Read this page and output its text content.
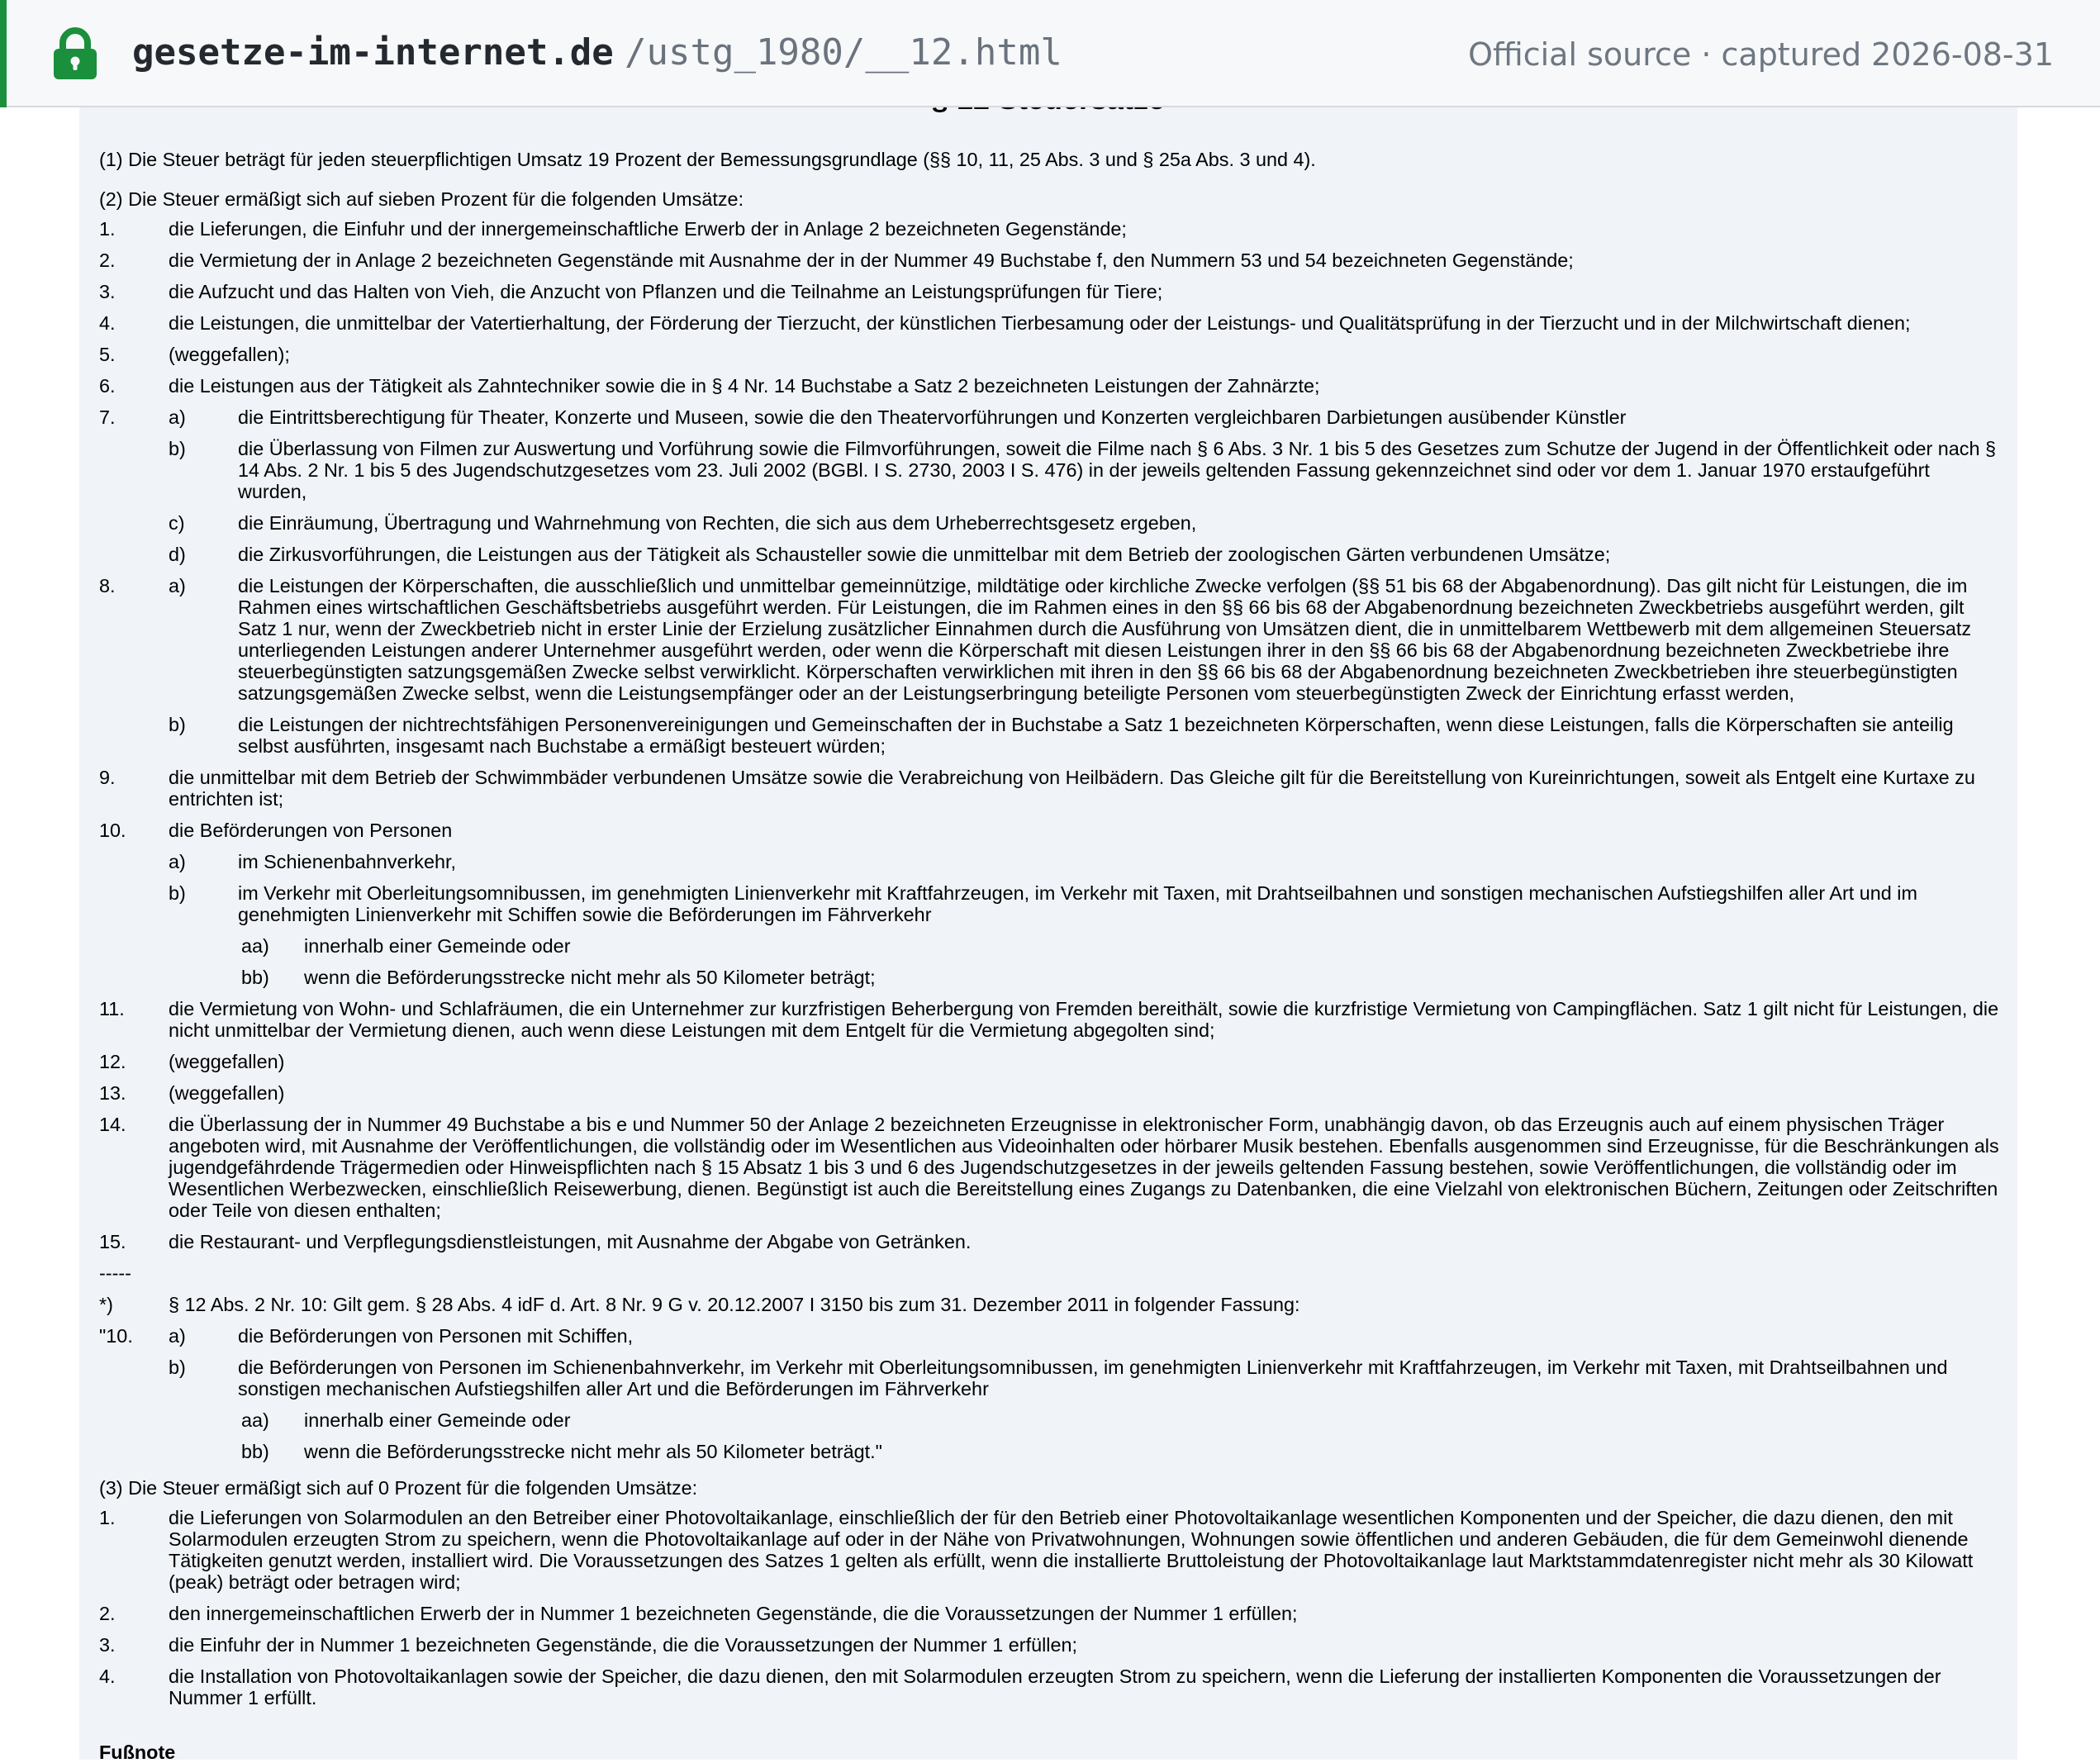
gesetze-im-internet.de /ustg_1980/__12.html	Official source · captured 2026-08-31
(1) Die Steuer beträgt für jeden steuerpflichtigen Umsatz 19 Prozent der Bemessungsgrundlage (§§ 10, 11, 25 Abs. 3 und § 25a Abs. 3 und 4).
(2) Die Steuer ermäßigt sich auf sieben Prozent für die folgenden Umsätze:
1.	die Lieferungen, die Einfuhr und der innergemeinschaftliche Erwerb der in Anlage 2 bezeichneten Gegenstände;
2.	die Vermietung der in Anlage 2 bezeichneten Gegenstände mit Ausnahme der in der Nummer 49 Buchstabe f, den Nummern 53 und 54 bezeichneten Gegenstände;
3.	die Aufzucht und das Halten von Vieh, die Anzucht von Pflanzen und die Teilnahme an Leistungsprüfungen für Tiere;
4.	die Leistungen, die unmittelbar der Vatertierhaltung, der Förderung der Tierzucht, der künstlichen Tierbesamung oder der Leistungs- und Qualitätsprüfung in der Tierzucht und in der Milchwirtschaft dienen;
5.	(weggefallen);
6.	die Leistungen aus der Tätigkeit als Zahntechniker sowie die in § 4 Nr. 14 Buchstabe a Satz 2 bezeichneten Leistungen der Zahnärzte;
7.	a)	die Eintrittsberechtigung für Theater, Konzerte und Museen, sowie die den Theatervorführungen und Konzerten vergleichbaren Darbietungen ausübender Künstler
b)	die Überlassung von Filmen zur Auswertung und Vorführung sowie die Filmvorführungen, soweit die Filme nach § 6 Abs. 3 Nr. 1 bis 5 des Gesetzes zum Schutze der Jugend in der Öffentlichkeit oder nach § 14 Abs. 2 Nr. 1 bis 5 des Jugendschutzgesetzes vom 23. Juli 2002 (BGBl. I S. 2730, 2003 I S. 476) in der jeweils geltenden Fassung gekennzeichnet sind oder vor dem 1. Januar 1970 erstaufgeführt wurden,
c)	die Einräumung, Übertragung und Wahrnehmung von Rechten, die sich aus dem Urheberrechtsgesetz ergeben,
d)	die Zirkusvorführungen, die Leistungen aus der Tätigkeit als Schausteller sowie die unmittelbar mit dem Betrieb der zoologischen Gärten verbundenen Umsätze;
8.	a)	die Leistungen der Körperschaften, die ausschließlich und unmittelbar gemeinnützige, mildtätige oder kirchliche Zwecke verfolgen (§§ 51 bis 68 der Abgabenordnung). Das gilt nicht für Leistungen, die im Rahmen eines wirtschaftlichen Geschäftsbetriebs ausgeführt werden. Für Leistungen, die im Rahmen eines in den §§ 66 bis 68 der Abgabenordnung bezeichneten Zweckbetriebs ausgeführt werden, gilt Satz 1 nur, wenn der Zweckbetrieb nicht in erster Linie der Erzielung zusätzlicher Einnahmen durch die Ausführung von Umsätzen dient, die in unmittelbarem Wettbewerb mit dem allgemeinen Steuersatz unterliegenden Leistungen anderer Unternehmer ausgeführt werden, oder wenn die Körperschaft mit diesen Leistungen ihrer in den §§ 66 bis 68 der Abgabenordnung bezeichneten Zweckbetriebe ihre steuerbegünstigten satzungsgemäßen Zwecke selbst verwirklicht. Körperschaften verwirklichen mit ihren in den §§ 66 bis 68 der Abgabenordnung bezeichneten Zweckbetrieben ihre steuerbegünstigten satzungsgemäßen Zwecke selbst, wenn die Leistungsempfänger oder an der Leistungserbringung beteiligte Personen vom steuerbegünstigten Zweck der Einrichtung erfasst werden,
b)	die Leistungen der nichtrechtsfähigen Personenvereinigungen und Gemeinschaften der in Buchstabe a Satz 1 bezeichneten Körperschaften, wenn diese Leistungen, falls die Körperschaften sie anteilig selbst ausführten, insgesamt nach Buchstabe a ermäßigt besteuert würden;
9.	die unmittelbar mit dem Betrieb der Schwimmbäder verbundenen Umsätze sowie die Verabreichung von Heilbädern. Das Gleiche gilt für die Bereitstellung von Kureinrichtungen, soweit als Entgelt eine Kurtaxe zu entrichten ist;
10.	die Beförderungen von Personen
a)	im Schienenbahnverkehr,
b)	im Verkehr mit Oberleitungsomnibussen, im genehmigten Linienverkehr mit Kraftfahrzeugen, im Verkehr mit Taxen, mit Drahtseilbahnen und sonstigen mechanischen Aufstiegshilfen aller Art und im genehmigten Linienverkehr mit Schiffen sowie die Beförderungen im Fährverkehr
aa)	innerhalb einer Gemeinde oder
bb)	wenn die Beförderungsstrecke nicht mehr als 50 Kilometer beträgt;
11.	die Vermietung von Wohn- und Schlafräumen, die ein Unternehmer zur kurzfristigen Beherbergung von Fremden bereithält, sowie die kurzfristige Vermietung von Campingflächen. Satz 1 gilt nicht für Leistungen, die nicht unmittelbar der Vermietung dienen, auch wenn diese Leistungen mit dem Entgelt für die Vermietung abgegolten sind;
12.	(weggefallen)
13.	(weggefallen)
14.	die Überlassung der in Nummer 49 Buchstabe a bis e und Nummer 50 der Anlage 2 bezeichneten Erzeugnisse in elektronischer Form, unabhängig davon, ob das Erzeugnis auch auf einem physischen Träger angeboten wird, mit Ausnahme der Veröffentlichungen, die vollständig oder im Wesentlichen aus Videoinhalten oder hörbarer Musik bestehen. Ebenfalls ausgenommen sind Erzeugnisse, für die Beschränkungen als jugendgefährdende Trägermedien oder Hinweispflichten nach § 15 Absatz 1 bis 3 und 6 des Jugendschutzgesetzes in der jeweils geltenden Fassung bestehen, sowie Veröffentlichungen, die vollständig oder im Wesentlichen Werbezwecken, einschließlich Reisewerbung, dienen. Begünstigt ist auch die Bereitstellung eines Zugangs zu Datenbanken, die eine Vielzahl von elektronischen Büchern, Zeitungen oder Zeitschriften oder Teile von diesen enthalten;
15.	die Restaurant- und Verpflegungsdienstleistungen, mit Ausnahme der Abgabe von Getränken.
-----
*)	§ 12 Abs. 2 Nr. 10: Gilt gem. § 28 Abs. 4 idF d. Art. 8 Nr. 9 G v. 20.12.2007 I 3150 bis zum 31. Dezember 2011 in folgender Fassung:
"10.	a)	die Beförderungen von Personen mit Schiffen,
b)	die Beförderungen von Personen im Schienenbahnverkehr, im Verkehr mit Oberleitungsomnibussen, im genehmigten Linienverkehr mit Kraftfahrzeugen, im Verkehr mit Taxen, mit Drahtseilbahnen und sonstigen mechanischen Aufstiegshilfen aller Art und die Beförderungen im Fährverkehr
aa)	innerhalb einer Gemeinde oder
bb)	wenn die Beförderungsstrecke nicht mehr als 50 Kilometer beträgt."
(3) Die Steuer ermäßigt sich auf 0 Prozent für die folgenden Umsätze:
1.	die Lieferungen von Solarmodulen an den Betreiber einer Photovoltaikanlage, einschließlich der für den Betrieb einer Photovoltaikanlage wesentlichen Komponenten und der Speicher, die dazu dienen, den mit Solarmodulen erzeugten Strom zu speichern, wenn die Photovoltaikanlage auf oder in der Nähe von Privatwohnungen, Wohnungen sowie öffentlichen und anderen Gebäuden, die für dem Gemeinwohl dienende Tätigkeiten genutzt werden, installiert wird. Die Voraussetzungen des Satzes 1 gelten als erfüllt, wenn die installierte Bruttoleistung der Photovoltaikanlage laut Marktstammdatenregister nicht mehr als 30 Kilowatt (peak) beträgt oder betragen wird;
2.	den innergemeinschaftlichen Erwerb der in Nummer 1 bezeichneten Gegenstände, die die Voraussetzungen der Nummer 1 erfüllen;
3.	die Einfuhr der in Nummer 1 bezeichneten Gegenstände, die die Voraussetzungen der Nummer 1 erfüllen;
4.	die Installation von Photovoltaikanlagen sowie der Speicher, die dazu dienen, den mit Solarmodulen erzeugten Strom zu speichern, wenn die Lieferung der installierten Komponenten die Voraussetzungen der Nummer 1 erfüllt.
Fußnote
